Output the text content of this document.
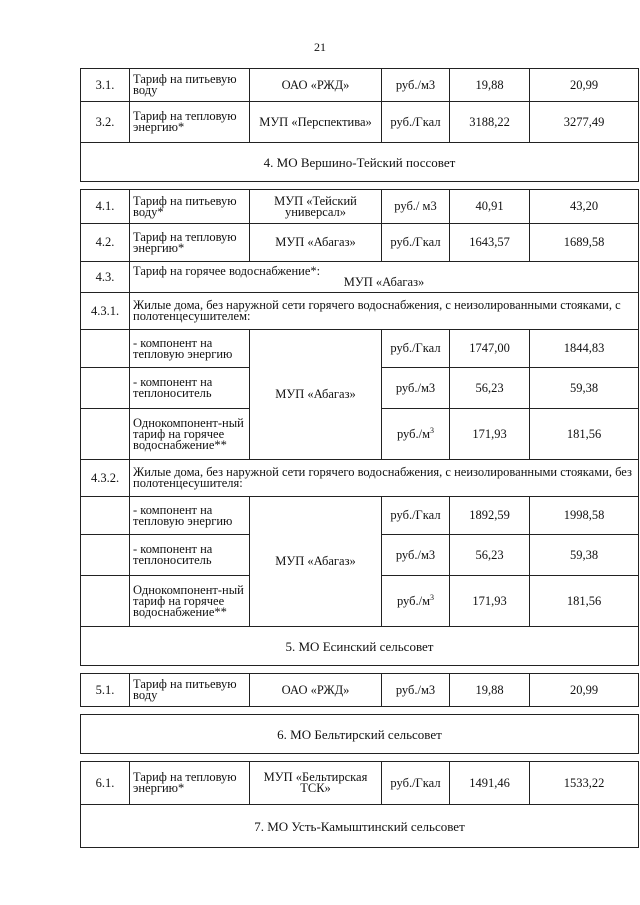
21
3.1.	Тариф на питьевую воду	ОАО «РЖД»	руб./м3	19,88	20,99
3.2.	Тариф на тепловую энергию*	МУП «Перспектива»	руб./Гкал	3188,22	3277,49
4. МО Вершино-Тейский поссовет					

4.1.	Тариф на питьевую воду*	МУП «Тейский универсал»	руб./ м3	40,91	43,20
4.2.	Тариф на тепловую энергию*	МУП «Абагаз»	руб./Гкал	1643,57	1689,58
4.3.	Тариф на горячее водоснабжение*:
МУП «Абагаз»				

4.3.1.	Жилые дома, без наружной сети горячего водоснабжения, с неизолированными стояками, с полотенцесушителем:				
	- компонент на тепловую энергию	МУП «Абагаз»	руб./Гкал	1747,00	1844,83
	- компонент на теплоноситель		руб./м3	56,23	59,38
	Однокомпонент-ный тариф на горячее водоснабжение**		$руб./м^3$	171,93	181,56
4.3.2.	Жилые дома, без наружной сети горячего водоснабжения, с неизолированными стояками, без полотенцесушителя:				
	- компонент на тепловую энергию	МУП «Абагаз»	руб./Гкал	1892,59	1998,58
	- компонент на теплоноситель		руб./м3	56,23	59,38
	Однокомпонент-ный тариф на горячее водоснабжение**		$руб./м^3$	171,93	181,56
5. МО Есинский сельсовет					

5.1.	Тариф на питьевую воду	ОАО «РЖД»	руб./м3	19,88	20,99

6. МО Бельтирский сельсовет					

6.1.	Тариф на тепловую энергию*	МУП «Бельтирская ТСК»	руб./Гкал	1491,46	1533,22
7. МО Усть-Камыштинский сельсовет					
